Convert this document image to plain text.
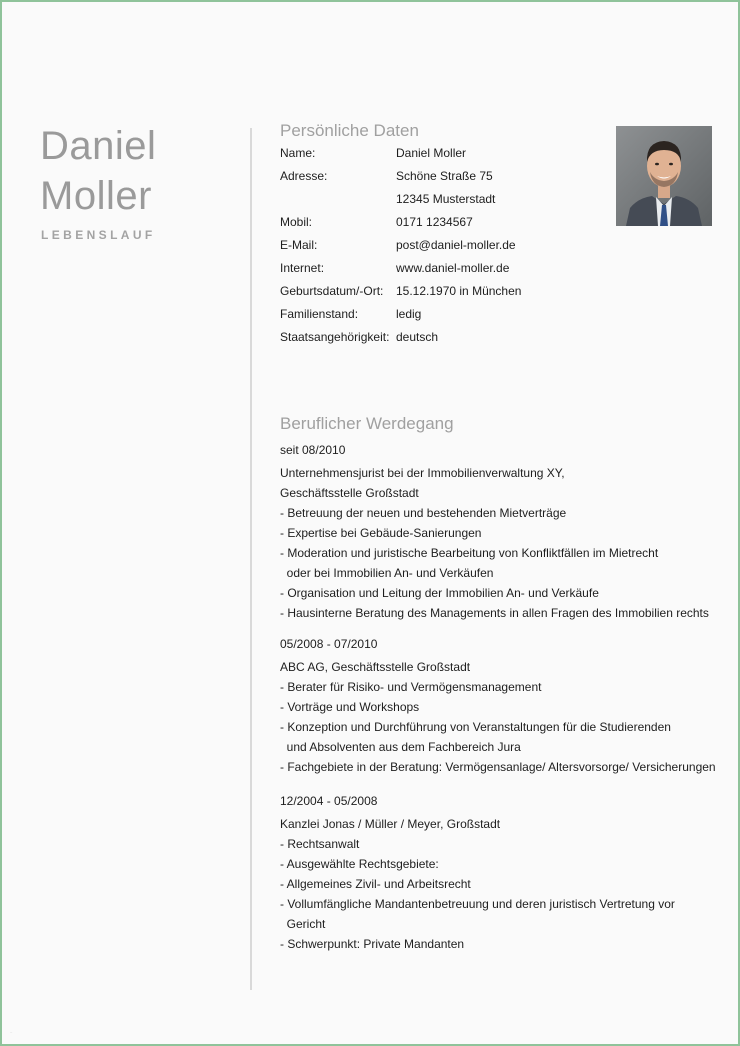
Daniel
Moller
LEBENSLAUF
Persönliche Daten
Name:	Daniel Moller
Adresse:	Schöne Straße 75
12345 Musterstadt
Mobil:	0171 1234567
E-Mail:	post@daniel-moller.de
Internet:	www.daniel-moller.de
Geburtsdatum/-Ort: 15.12.1970 in München
Familienstand:	ledig
Staatsangehörigkeit: deutsch
Beruflicher Werdegang
seit 08/2010
Unternehmensjurist bei der Immobilienverwaltung XY,
Geschäftsstelle Großstadt
- Betreuung der neuen und bestehenden Mietverträge
- Expertise bei Gebäude-Sanierungen
- Moderation und juristische Bearbeitung von Konfliktfällen im Mietrecht
oder bei Immobilien An- und Verkäufen
- Organisation und Leitung der Immobilien An- und Verkäufe
- Hausinterne Beratung des Managements in allen Fragen des Immobilien rechts
05/2008 - 07/2010
ABC AG, Geschäftsstelle Großstadt
- Berater für Risiko- und Vermögensmanagement
- Vorträge und Workshops
- Konzeption und Durchführung von Veranstaltungen für die Studierenden
und Absolventen aus dem Fachbereich Jura
- Fachgebiete in der Beratung: Vermögensanlage/ Altersvorsorge/ Versicherungen
12/2004 - 05/2008
Kanzlei Jonas / Müller / Meyer, Großstadt
- Rechtsanwalt
- Ausgewählte Rechtsgebiete:
- Allgemeines Zivil- und Arbeitsrecht
- Vollumfängliche Mandantenbetreuung und deren juristisch Vertretung vor
Gericht
- Schwerpunkt: Private Mandanten
~
